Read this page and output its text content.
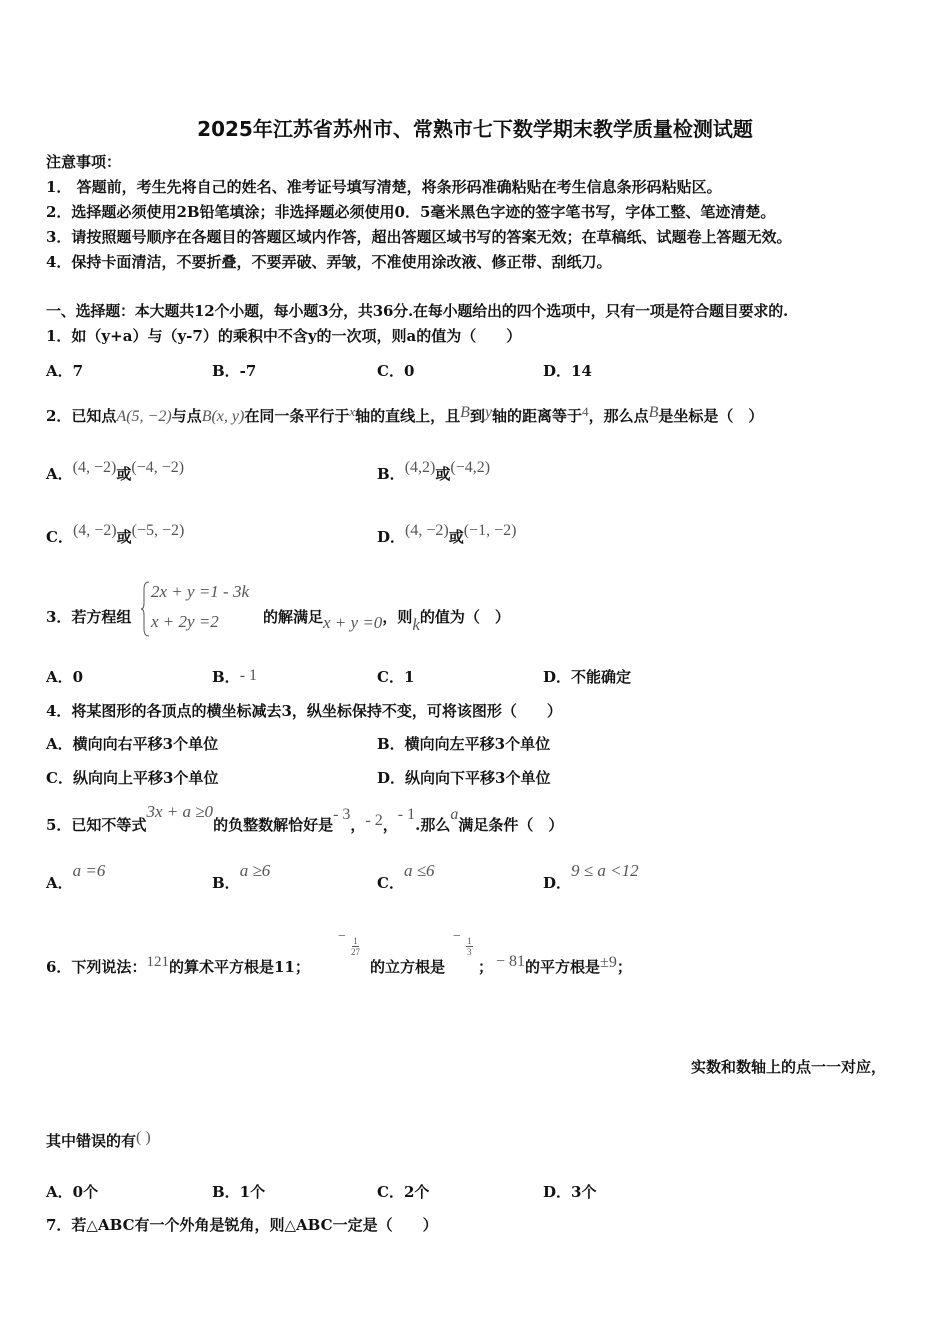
2025年江苏省苏州市、常熟市七下数学期末教学质量检测试题
注意事项：
1． 答题前，考生先将自己的姓名、准考证号填写清楚，将条形码准确粘贴在考生信息条形码粘贴区。
2．选择题必须使用2B铅笔填涂；非选择题必须使用0．5毫米黑色字迹的签字笔书写，字体工整、笔迹清楚。
3．请按照题号顺序在各题目的答题区域内作答，超出答题区域书写的答案无效；在草稿纸、试题卷上答题无效。
4．保持卡面清洁，不要折叠，不要弄破、弄皱，不准使用涂改液、修正带、刮纸刀。
一、选择题：本大题共12个小题，每小题3分，共36分.在每小题给出的四个选项中，只有一项是符合题目要求的.
1．如（y+a）与（y-7）的乘积中不含y的一次项，则a的值为（　　）
A．7	B．-7	C．0	D．14
2．已知点A(5, −2)与点B(x, y)在同一条平行于x轴的直线上，且B到y轴的距离等于4，那么点B是坐标是（　）
A．(4, −2)或(−4, −2)	B．(4,2)或(−4,2)
C．(4, −2)或(−5, −2)	D．(4, −2)或(−1, −2)
3．若方程组
2x + y =1 - 3k
x + 2y =2	的解满足x + y =0，则k的值为（　）
A．0	B．- 1	C．1	D．不能确定
4．将某图形的各顶点的横坐标减去3，纵坐标保持不变，可将该图形（　　）
A．横向向右平移3个单位	B．横向向左平移3个单位
C．纵向向上平移3个单位	D．纵向向下平移3个单位
5．已知不等式3x + a ≥0的负整数解恰好是- 3，- 2，- 1.那么a满足条件（　）
A．a =6
B．a ≥6
C．a ≤6
D．9 ≤ a <12
6．下列说法：121的算术平方根是11；
− $\frac{1}{27}$
的立方根是
− $\frac{1}{3}$
； − 81的平方根是±9；
实数和数轴上的点一一对应，
其中错误的有( )
A．0个	B．1个	C．2个	D．3个
7．若△ABC有一个外角是锐角，则△ABC一定是（　　）
